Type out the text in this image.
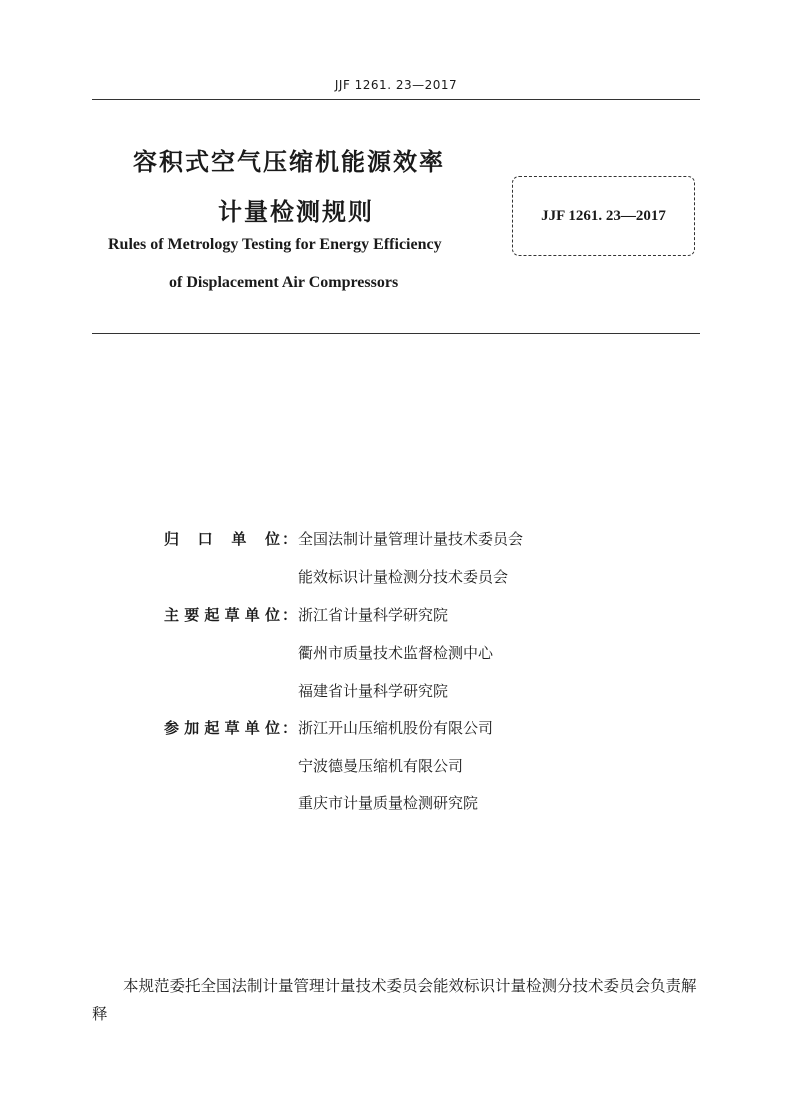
JJF 1261. 23—2017
容积式空气压缩机能源效率
计量检测规则
Rules of Metrology Testing for Energy Efficiency
of Displacement Air Compressors
JJF 1261. 23—2017
归口单位 ： 全国法制计量管理计量技术委员会
能效标识计量检测分技术委员会
主要起草单位 ： 浙江省计量科学研究院
衢州市质量技术监督检测中心
福建省计量科学研究院
参加起草单位 ： 浙江开山压缩机股份有限公司
宁波德曼压缩机有限公司
重庆市计量质量检测研究院
本规范委托全国法制计量管理计量技术委员会能效标识计量检测分技术委员会负责解释
